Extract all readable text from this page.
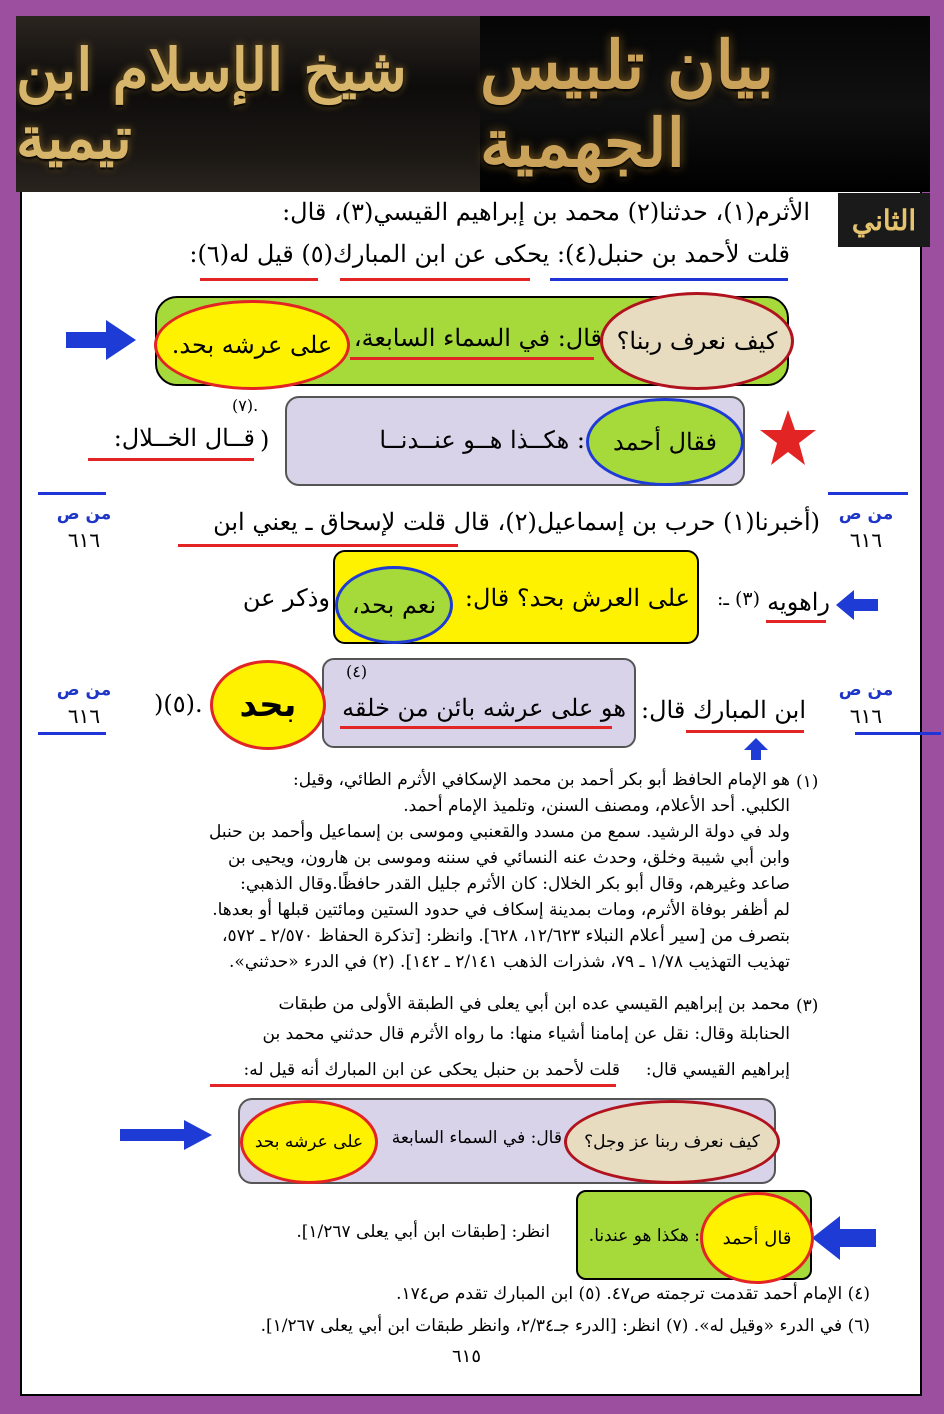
شيخ الإسلام ابن تيمية
بيان تلبيس الجهمية
الثاني
الأثرم(١)، حدثنا(٢) محمد بن إبراهيم القيسي(٣)، قال:
قلت لأحمد بن حنبل(٤): يحكى عن ابن المبارك(٥) قيل له(٦):
كيف نعرف ربنا؟
قال: في السماء السابعة،
على عرشه بحد.
فقال أحمد
: هكــذا هــو عنــدنــا
(٧).
)
قــال الخــلال:
من ص
٦١٦
من ص
٦١٦
(أخبرنا(١) حرب بن إسماعيل(٢)، قال قلت لإسحاق ـ يعني ابن
راهويه
(٣) ـ:
على العرش بحد؟ قال:
نعم بحد،
وذكر عن
من ص
٦١٦
من ص
٦١٦
ابن المبارك قال:
هو على عرشه بائن من خلقه
(٤)
بحد
)(٥).
(١)
هو الإمام الحافظ أبو بكر أحمد بن محمد الإسكافي الأثرم الطائي، وقيل:
الكلبي. أحد الأعلام، ومصنف السنن، وتلميذ الإمام أحمد.
ولد في دولة الرشيد. سمع من مسدد والقعنبي وموسى بن إسماعيل وأحمد بن حنبل
وابن أبي شيبة وخلق، وحدث عنه النسائي في سننه وموسى بن هارون، ويحيى بن
صاعد وغيرهم، وقال أبو بكر الخلال: كان الأثرم جليل القدر حافظًا.وقال الذهبي:
لم أظفر بوفاة الأثرم، ومات بمدينة إسكاف في حدود الستين ومائتين قبلها أو بعدها.
بتصرف من [سير أعلام النبلاء ١٢/٦٢٣، ٦٢٨]. وانظر: [تذكرة الحفاظ ٢/٥٧٠ ـ ٥٧٢،
تهذيب التهذيب ١/٧٨ ـ ٧٩، شذرات الذهب ٢/١٤١ ـ ١٤٢]. (٢) في الدرء «حدثني».
(٣)
محمد بن إبراهيم القيسي عده ابن أبي يعلى في الطبقة الأولى من طبقات
الحنابلة وقال: نقل عن إمامنا أشياء منها: ما رواه الأثرم قال حدثني محمد بن
إبراهيم القيسي قال:
قلت لأحمد بن حنبل يحكى عن ابن المبارك أنه قيل له:
كيف نعرف ربنا عز وجل؟
قال: في السماء السابعة
على عرشه بحد
قال أحمد
: هكذا هو عندنا.
انظر: [طبقات ابن أبي يعلى ١/٢٦٧].
(٤) الإمام أحمد تقدمت ترجمته ص٤٧. (٥) ابن المبارك تقدم ص١٧٤.
(٦) في الدرء «وقيل له». (٧) انظر: [الدرء جـ٢/٣٤، وانظر طبقات ابن أبي يعلى ١/٢٦٧].
٦١٥
